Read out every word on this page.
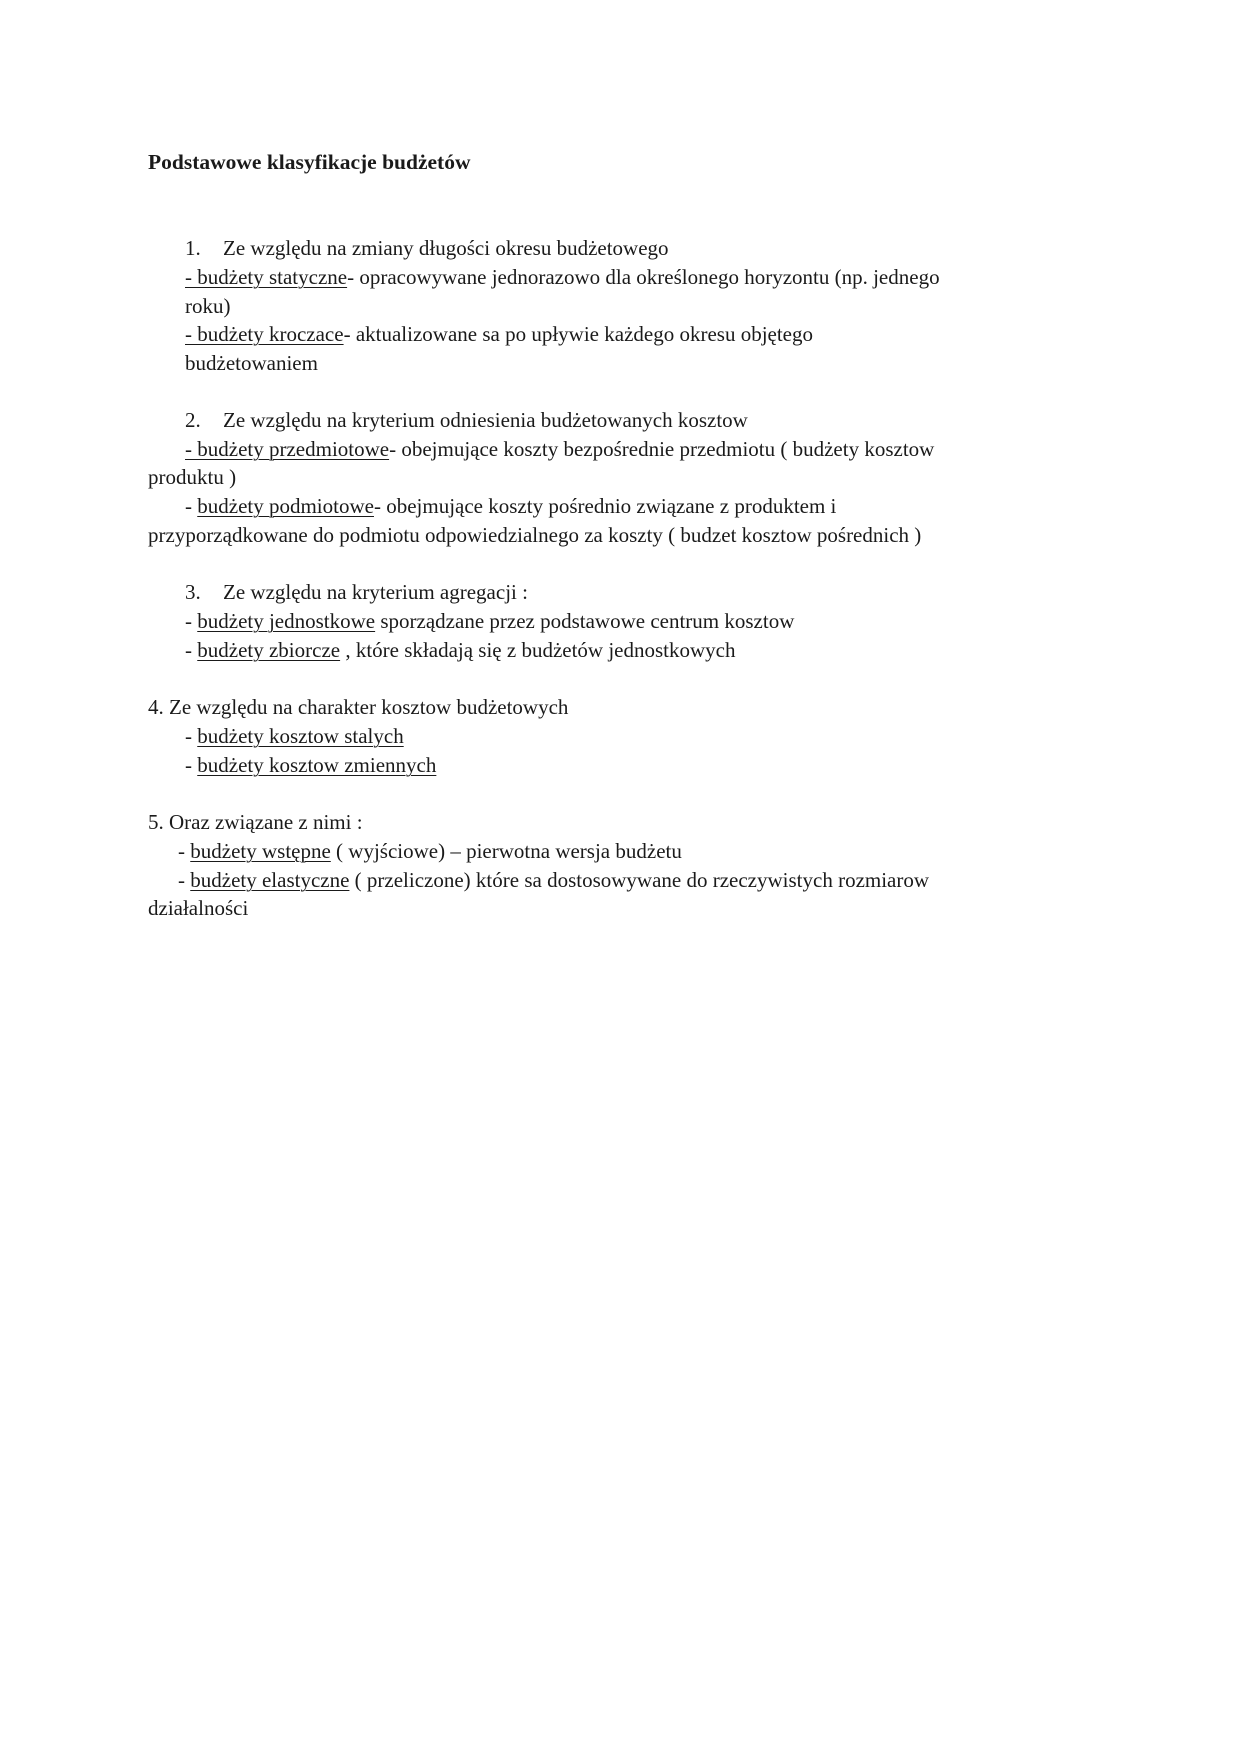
Podstawowe klasyfikacje budżetów
1. Ze względu na zmiany długości okresu budżetowego
- budżety statyczne- opracowywane jednorazowo dla określonego horyzontu (np. jednego
roku)
- budżety kroczace- aktualizowane sa po upływie każdego okresu objętego
budżetowaniem
2. Ze względu na kryterium odniesienia budżetowanych kosztow
- budżety przedmiotowe- obejmujące koszty bezpośrednie przedmiotu ( budżety kosztow
produktu )
- budżety podmiotowe- obejmujące koszty pośrednio związane z produktem i
przyporządkowane do podmiotu odpowiedzialnego za koszty ( budzet kosztow pośrednich )
3. Ze względu na kryterium agregacji :
- budżety jednostkowe sporządzane przez podstawowe centrum kosztow
- budżety zbiorcze , które składają się z budżetów jednostkowych
4. Ze względu na charakter kosztow budżetowych
- budżety kosztow stalych
- budżety kosztow zmiennych
5. Oraz związane z nimi :
- budżety wstępne ( wyjściowe) – pierwotna wersja budżetu
- budżety elastyczne ( przeliczone) które sa dostosowywane do rzeczywistych rozmiarow
działalności
